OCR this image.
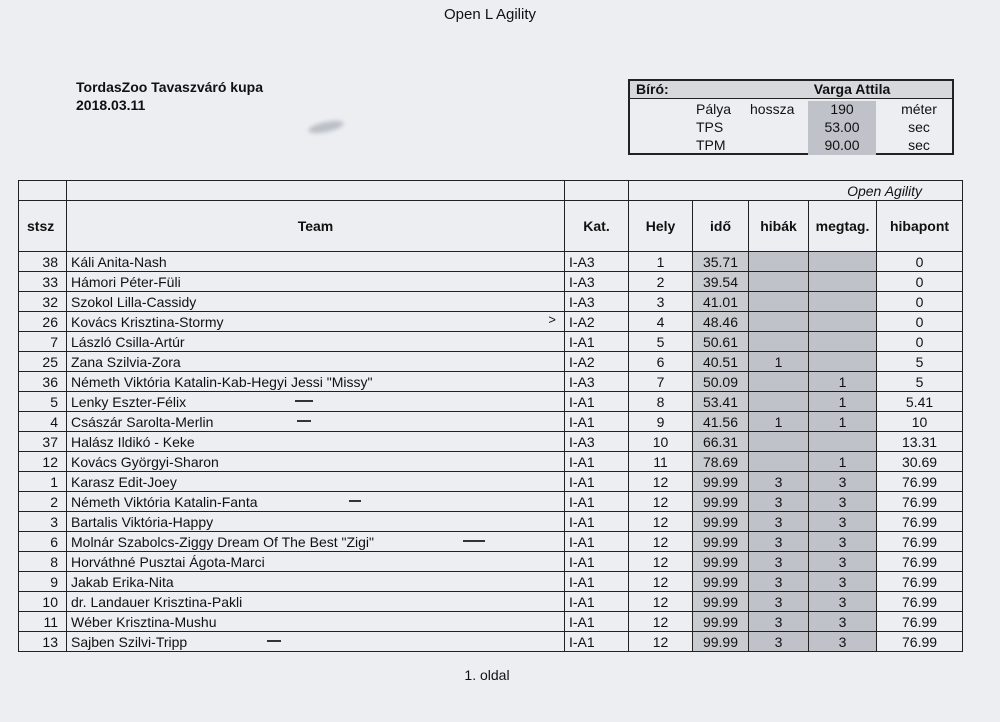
Open L Agility
TordasZoo Tavaszváró kupa
2018.03.11
Bíró:	Varga Attila
Pálya hossza	190	méter
TPS	53.00	sec
TPM	90.00	sec
			Open Agility				
stsz	Team	Kat.	Hely	idő	hibák	megtag.	hibapont
38	Káli Anita-Nash	I-A3	1	35.71			0
33	Hámori Péter-Füli	I-A3	2	39.54			0
32	Szokol Lilla-Cassidy	I-A3	3	41.01			0
26	Kovács Krisztina-Stormy >	I-A2	4	48.46			0
7	László Csilla-Artúr	I-A1	5	50.61			0
25	Zana Szilvia-Zora	I-A2	6	40.51	1		5
36	Németh Viktória Katalin-Kab-Hegyi Jessi "Missy"	I-A3	7	50.09		1	5
5	Lenky Eszter-Félix	I-A1	8	53.41		1	5.41
4	Császár Sarolta-Merlin	I-A1	9	41.56	1	1	10
37	Halász Ildikó - Keke	I-A3	10	66.31			13.31
12	Kovács Györgyi-Sharon	I-A1	11	78.69		1	30.69
1	Karasz Edit-Joey	I-A1	12	99.99	3	3	76.99
2	Németh Viktória Katalin-Fanta	I-A1	12	99.99	3	3	76.99
3	Bartalis Viktória-Happy	I-A1	12	99.99	3	3	76.99
6	Molnár Szabolcs-Ziggy Dream Of The Best "Zigi"	I-A1	12	99.99	3	3	76.99
8	Horváthné Pusztai Ágota-Marci	I-A1	12	99.99	3	3	76.99
9	Jakab Erika-Nita	I-A1	12	99.99	3	3	76.99
10	dr. Landauer Krisztina-Pakli	I-A1	12	99.99	3	3	76.99
11	Wéber Krisztina-Mushu	I-A1	12	99.99	3	3	76.99
13	Sajben Szilvi-Tripp	I-A1	12	99.99	3	3	76.99
1. oldal
